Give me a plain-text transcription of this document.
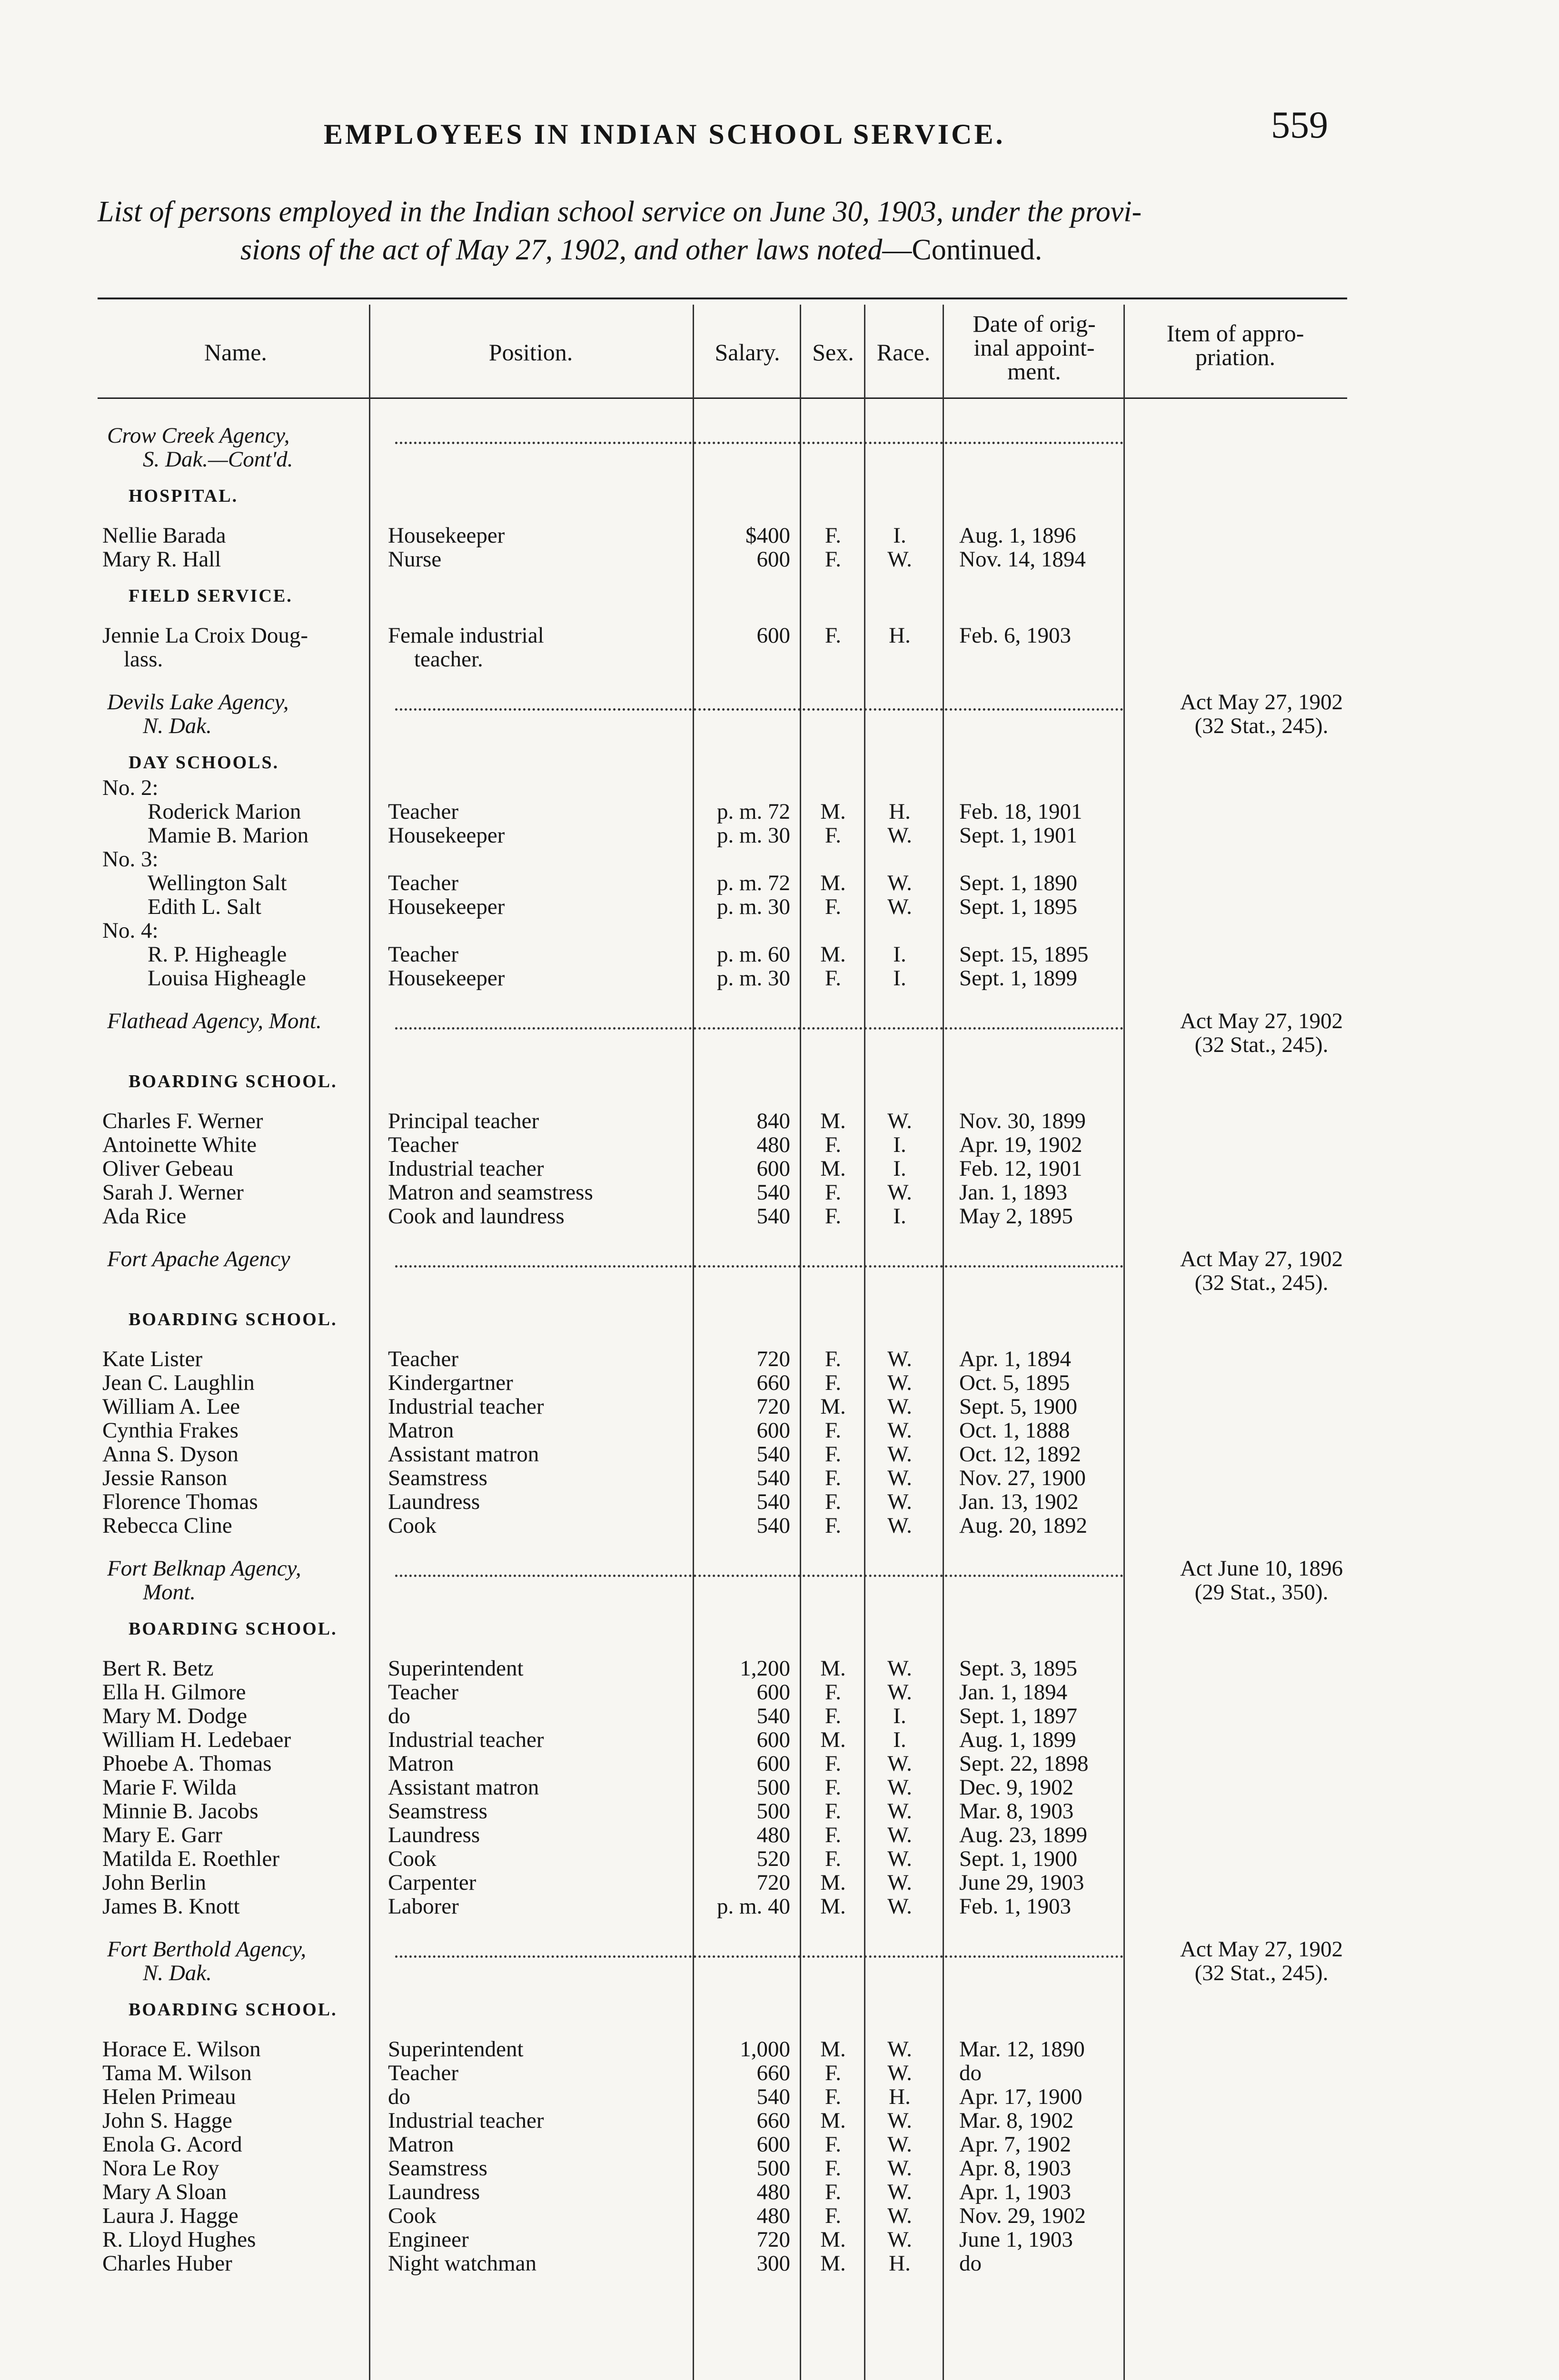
EMPLOYEES IN INDIAN SCHOOL SERVICE.	559
List of persons employed in the Indian school service on June 30, 1903, under the provi-
sions of the act of May 27, 1902, and other laws noted—Continued.
Name.	Position.	Salary.	Sex. Race.
Date of orig-
inal appoint-
ment.
Item of appro-
priation.
Crow Creek Agency,
S. Dak.—Cont'd.
HOSPITAL.
Nellie Barada	Housekeeper	$400	F.	I.	Aug. 1, 1896
Mary R. Hall	Nurse	600	F.	W.	Nov. 14, 1894
FIELD SERVICE.
Jennie La Croix Doug-	Female industrial	600	F.	H.	Feb. 6, 1903
lass.	teacher.
Devils Lake Agency,	Act May 27, 1902
N. Dak.	(32 Stat., 245).
DAY SCHOOLS.
No. 2:
Roderick Marion	Teacher	p. m. 72	M.	H.	Feb. 18, 1901
Mamie B. Marion	Housekeeper	p. m. 30	F.	W.	Sept. 1, 1901
No. 3:
Wellington Salt	Teacher	p. m. 72	M.	W.	Sept. 1, 1890
Edith L. Salt	Housekeeper	p. m. 30	F.	W.	Sept. 1, 1895
No. 4:
R. P. Higheagle	Teacher	p. m. 60	M.	I.	Sept. 15, 1895
Louisa Higheagle	Housekeeper	p. m. 30	F.	I.	Sept. 1, 1899
Flathead Agency, Mont.	Act May 27, 1902
(32 Stat., 245).
BOARDING SCHOOL.
Charles F. Werner	Principal teacher	840	M.	W.	Nov. 30, 1899
Antoinette White	Teacher	480	F.	I.	Apr. 19, 1902
Oliver Gebeau	Industrial teacher	600	M.	I.	Feb. 12, 1901
Sarah J. Werner	Matron and seamstress	540	F.	W.	Jan. 1, 1893
Ada Rice	Cook and laundress	540	F.	I.	May 2, 1895
Fort Apache Agency	Act May 27, 1902
(32 Stat., 245).
BOARDING SCHOOL.
Kate Lister	Teacher	720	F.	W.	Apr. 1, 1894
Jean C. Laughlin	Kindergartner	660	F.	W.	Oct. 5, 1895
William A. Lee	Industrial teacher	720	M.	W.	Sept. 5, 1900
Cynthia Frakes	Matron	600	F.	W.	Oct. 1, 1888
Anna S. Dyson	Assistant matron	540	F.	W.	Oct. 12, 1892
Jessie Ranson	Seamstress	540	F.	W.	Nov. 27, 1900
Florence Thomas	Laundress	540	F.	W.	Jan. 13, 1902
Rebecca Cline	Cook	540	F.	W.	Aug. 20, 1892
Fort Belknap Agency,	Act June 10, 1896
Mont.	(29 Stat., 350).
BOARDING SCHOOL.
Bert R. Betz	Superintendent	1,200	M.	W.	Sept. 3, 1895
Ella H. Gilmore	Teacher	600	F.	W.	Jan. 1, 1894
Mary M. Dodge	do	540	F.	I.	Sept. 1, 1897
William H. Ledebaer	Industrial teacher	600	M.	I.	Aug. 1, 1899
Phoebe A. Thomas	Matron	600	F.	W.	Sept. 22, 1898
Marie F. Wilda	Assistant matron	500	F.	W.	Dec. 9, 1902
Minnie B. Jacobs	Seamstress	500	F.	W.	Mar. 8, 1903
Mary E. Garr	Laundress	480	F.	W.	Aug. 23, 1899
Matilda E. Roethler	Cook	520	F.	W.	Sept. 1, 1900
John Berlin	Carpenter	720	M.	W.	June 29, 1903
James B. Knott	Laborer	p. m. 40	M.	W.	Feb. 1, 1903
Fort Berthold Agency,	Act May 27, 1902
N. Dak.	(32 Stat., 245).
BOARDING SCHOOL.
Horace E. Wilson	Superintendent	1,000	M.	W.	Mar. 12, 1890
Tama M. Wilson	Teacher	660	F.	W.	do
Helen Primeau	do	540	F.	H.	Apr. 17, 1900
John S. Hagge	Industrial teacher	660	M.	W.	Mar. 8, 1902
Enola G. Acord	Matron	600	F.	W.	Apr. 7, 1902
Nora Le Roy	Seamstress	500	F.	W.	Apr. 8, 1903
Mary A Sloan	Laundress	480	F.	W.	Apr. 1, 1903
Laura J. Hagge	Cook	480	F.	W.	Nov. 29, 1902
R. Lloyd Hughes	Engineer	720	M.	W.	June 1, 1903
Charles Huber	Night watchman	300	M.	H.	do
